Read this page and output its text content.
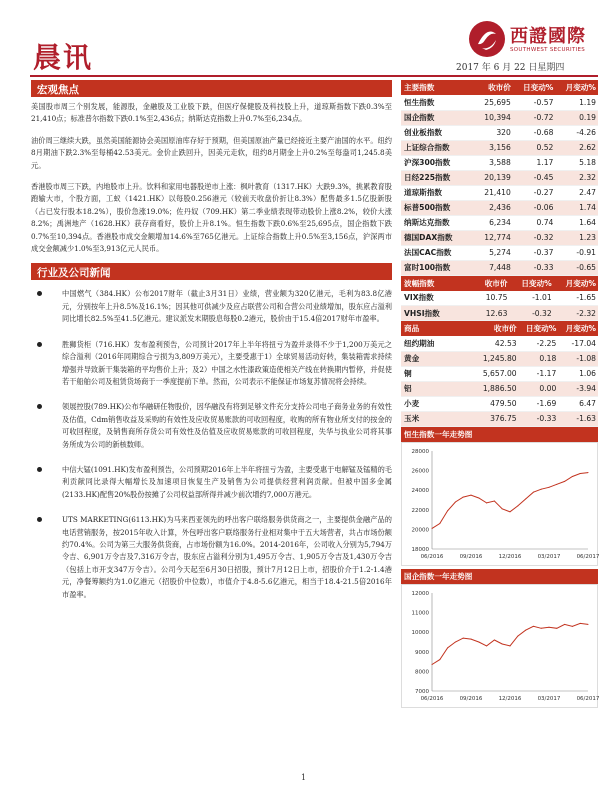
晨讯
西證國際
SOUTHWEST SECURITIES
2017 年 6 月 22 日星期四
宏观焦点

美国股市周三个别发展，能源股，金融股及工业股下跌，但医疗保健股及科技股上升，道琼斯指数下跌0.3%至21,410点；标准普尔指数下跌0.1%至2,436点；纳斯达克指数上升0.7%至6,234点。

油价周三继续大跌，虽然美国能源协会美国原油库存好于预期，但美国原油产量已经接近主要产油国的水平。纽约8月期油下跌2.3%至每桶42.53美元。金价止跌回升，因美元走软，纽约8月期金上升0.2%至每盎司1,245.8美元。

香港股市周三下跌，内地股市上升。饮料和家用电器股逆市上涨：枫叶教育（1317.HK）大跌9.3%，挑累教育股跑输大市，个股方面，工蚁（1421.HK）以每股0.256港元（较前天收盘价折让8.3%）配售最多1.5亿股新股（占已发行股本18.2%），股价急涨19.0%；佐丹奴（709.HK）第二季业绩表现带动股价上涨8.2%，较价大涨8.2%；禹洲地产（1628.HK）获存商看好，股价上升8.1%。恒生指数下跌0.6%至25,695点，国企指数下跌0.7%至10,394点。香港股市成交金额增加14.6%至765亿港元。上证综合指数上升0.5%至3,156点，沪深两市成交金额减少1.0%至3,913亿元人民币。

行业及公司新闻
中国燃气（384.HK）公布2017财年（截止3月31日）业绩，营业额为320亿港元，毛利为83.8亿港元，分别按年上升8.5%及16.1%；因其他可供减少及应占联营公司和合营公司业绩增加，股东应占溢利同比增长82.5%至41.5亿港元。建议派发末期股息每股0.2港元，股价由于15.4倍2017财年市盈率。
胜狮货柜（716.HK）发布盈利预告，公司预计2017年上半年将扭亏为盈并录得不少于1,200万美元之综合溢利（2016年同期综合亏损为3,809万美元），主要受惠于1）全球贸易活动好转，集装箱需求持续增强并导致新干集装箱的平均售价上升；及2）中国之水性漆政策造使相关产线在转换期内暂停，并促使若干船舶公司及租赁货场商于一季度提前下单。然而，公司表示不能保证市场复苏情况将会持续。
领展控股(789.HK)公布华融研任物股价，因华融没有将到足够文件充分支持公司电子商务业务的有效性及估值，Cdm销售收益及采购的有效性及应收贸易账款的可收回程度，收购的所有物业所支付的按金的可收回程度，及销售商所存货公司有效性及估值及应收贸易账款的可收回程度，失华与执业公司将其事务所成为公司的新核数师。
中信大锰(1091.HK)发布盈利预告，公司预期2016年上半年将扭亏为盈，主要受惠于电解锰及锰精的毛利贡献同比录得大幅增长及加速项目恢复生产及销售为公司提供经营利润贡献。但被中国多金属(2133.HK)配售20%股份按摊了公司权益部所得并减少前次增约7,000万港元。
UTS MARKETING(6113.HK)为马来西亚领先的呼出客户联络服务供货商之一，主要提供金融产品的电话营销服务，按2015年收入计算，外包呼出客户联络服务行业相对集中于五大场营者，共占市场份额约70.4%。公司为第三大服务供货商，占市场份额为16.0%。2014-2016年，公司收入分别为5,794万令吉、6,901万令吉及7,316万令吉，股东应占溢利分别为1,495万令吉、1,905万令吉及1,430万令吉（包括上市开支347万令吉）。公司今天起至6月30日招股，预计7月12日上市，招股价介于1.2-1.4港元，净餐筹额约为1.0亿港元（招股价中位数），市值介于4.8-5.6亿港元，相当于18.4-21.5倍2016年市盈率。
主要指数	收市价	日变动%	月变动%
恒生指数	25,695	-0.57	1.19
国企指数	10,394	-0.72	0.19
创业板指数	320	-0.68	-4.26
上证综合指数	3,156	0.52	2.62
沪深300指数	3,588	1.17	5.18
日经225指数	20,139	-0.45	2.32
道琼斯指数	21,410	-0.27	2.47
标普500指数	2,436	-0.06	1.74
纳斯达克指数	6,234	0.74	1.64
德国DAX指数	12,774	-0.32	1.23
法国CAC指数	5,274	-0.37	-0.91
富时100指数	7,448	-0.33	-0.65
波幅指数	收市价	日变动%	月变动%
VIX指数	10.75	-1.01	-1.65
VHSI指数	12.63	-0.32	-2.32
商品	收市价	日变动%	月变动%
纽约期油	42.53	-2.25	-17.04
黄金	1,245.80	0.18	-1.08
铜	5,657.00	-1.17	1.06
铝	1,886.50	0.00	-3.94
小麦	479.50	-1.69	6.47
玉米	376.75	-0.33	-1.63
恒生指数一年走势图
18000
20000
22000
24000
26000
28000
06/2016	09/2016	12/2016	03/2017	06/2017
国企指数一年走势图
7000
8000
9000
10000
11000
12000
06/2016	09/2016	12/2016	03/2017	06/2017
1
